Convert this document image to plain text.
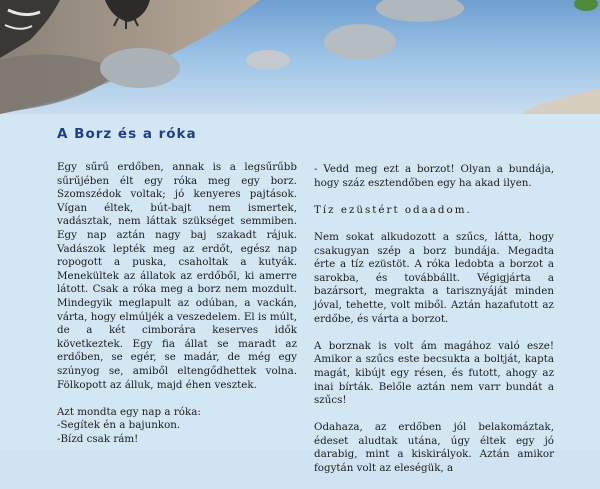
A Borz és a róka

Egy sűrű erdőben, annak is a legsűrűbb sűrűjében élt egy róka meg egy borz. Szomszédok voltak; jó kenyeres pajtások. Vígan éltek, bút-bajt nem ismertek, vadásztak, nem láttak szükséget semmiben. Egy nap aztán nagy baj szakadt rájuk. Vadászok lepték meg az erdőt, egész nap ropogott a puska, csaholtak a kutyák. Menekültek az állatok az erdőből, ki amerre látott. Csak a róka meg a borz nem mozdult. Mindegyik meglapult az odúban, a vackán, várta, hogy elmúljék a veszedelem. El is múlt, de a két cimborára keserves idők következtek. Egy fia állat se maradt az erdőben, se egér, se madár, de még egy szúnyog se, amiből eltengődhettek volna. Fölkopott az álluk, majd éhen vesztek.

Azt mondta egy nap a róka:
-Segítek én a bajunkon.
-Bízd csak rám!

- Vedd meg ezt a borzot! Olyan a bundája, hogy száz esztendőben egy ha akad ilyen.

Tíz ezüstért odaadom.

Nem sokat alkudozott a szűcs, látta, hogy csakugyan szép a borz bundája. Megadta érte a tíz ezüstöt. A róka ledobta a borzot a sarokba, és továbbállt. Végigjárta a bazársort, megrakta a tarisznyáját minden jóval, tehette, volt miből. Aztán hazafutott az erdőbe, és várta a borzot.

A borznak is volt ám magához való esze! Amikor a szűcs este becsukta a boltját, kapta magát, kibújt egy résen, és futott, ahogy az inai bírták. Belőle aztán nem varr bundát a szűcs!

Odahaza, az erdőben jól belakomáztak, édeset aludtak utána, úgy éltek egy jó darabig, mint a kiskirályok. Aztán amikor fogytán volt az eleségük, a
